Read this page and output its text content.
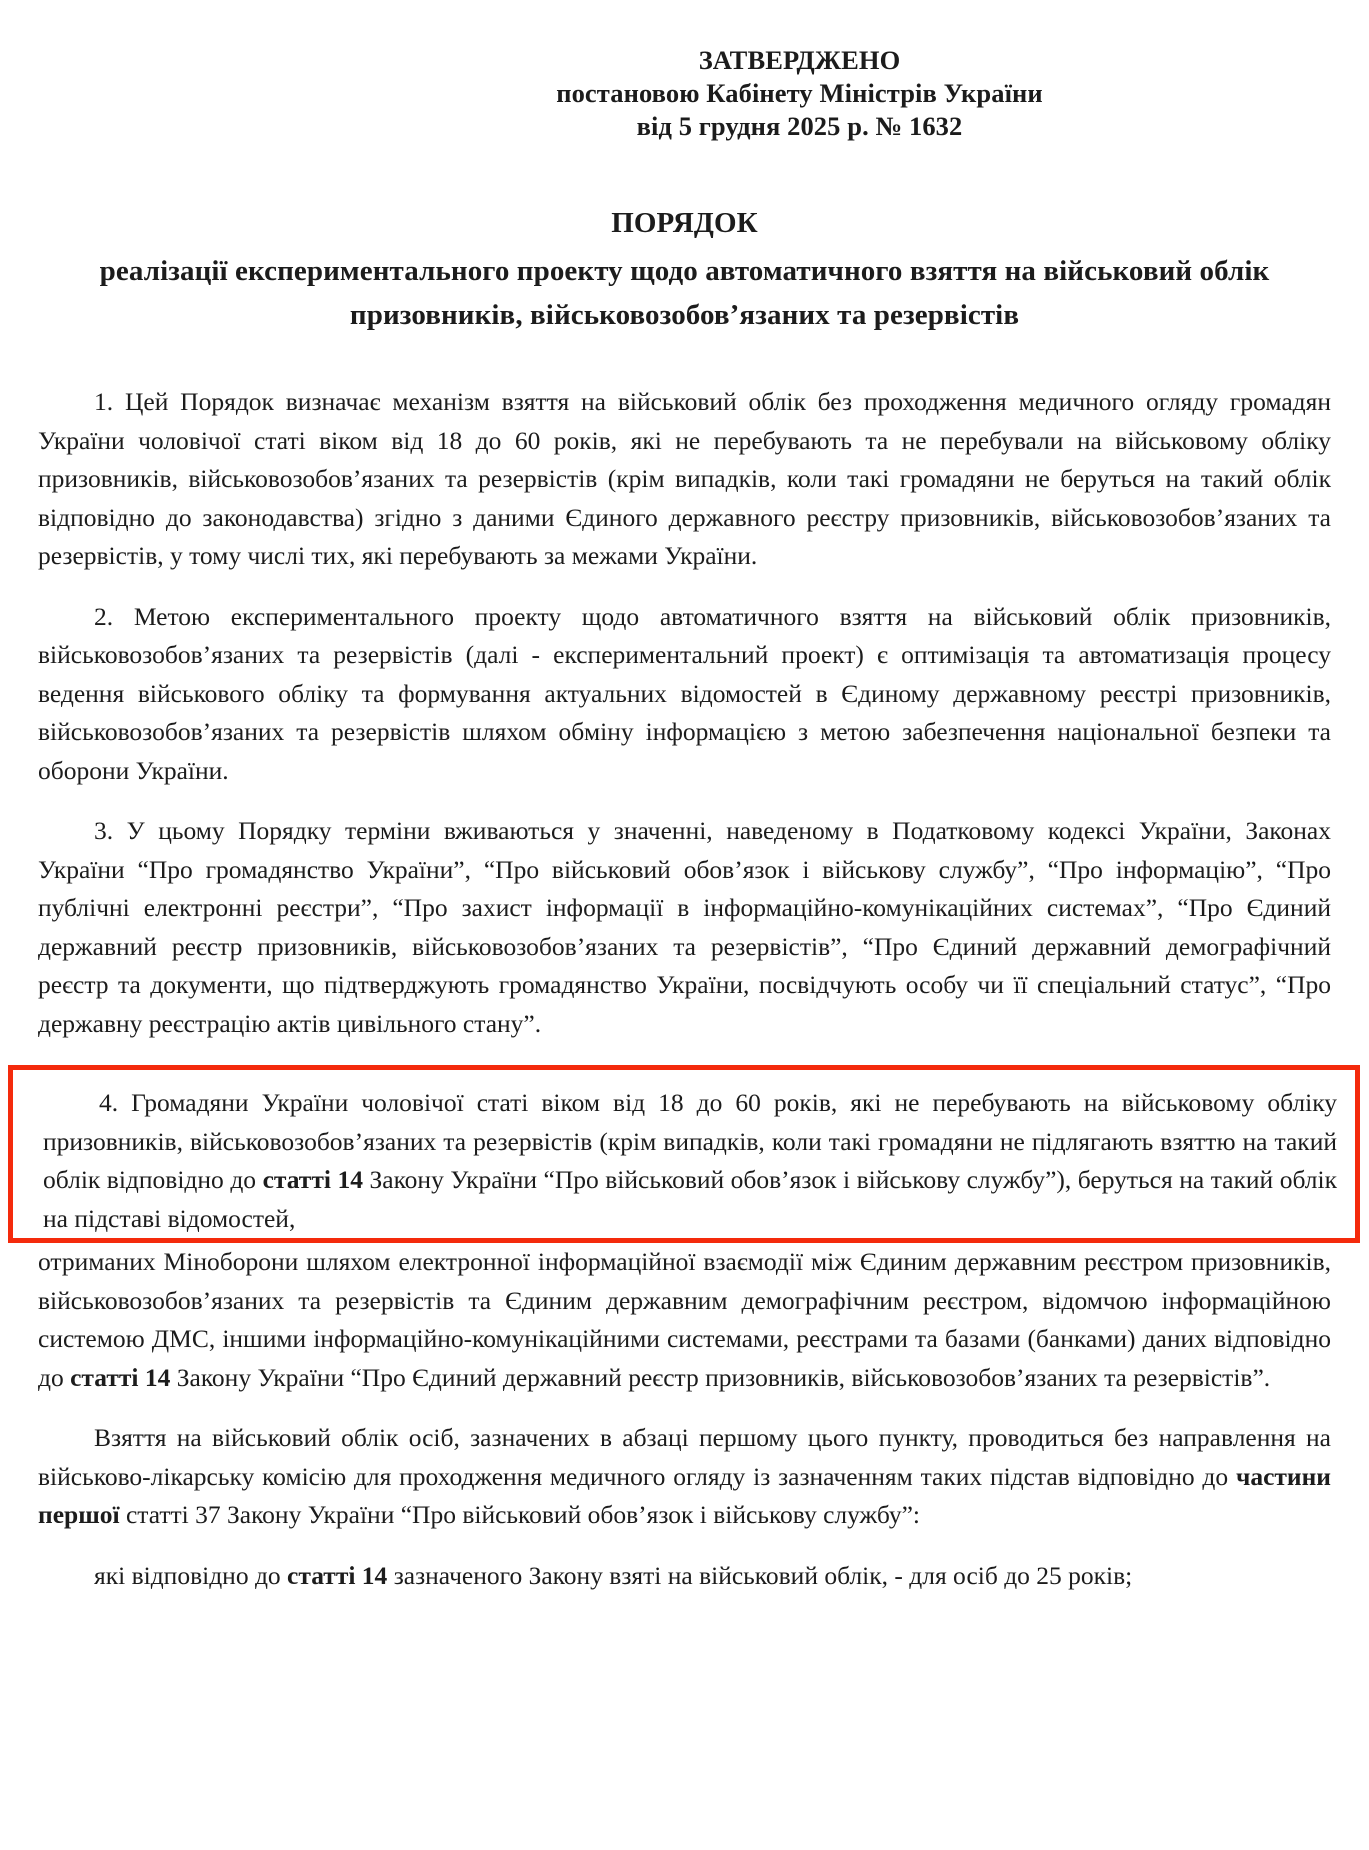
ЗАТВЕРДЖЕНО
постановою Кабінету Міністрів України
від 5 грудня 2025 р. № 1632
ПОРЯДОК
реалізації експериментального проекту щодо автоматичного взяття на військовий облік призовників, військовозобов’язаних та резервістів

1. Цей Порядок визначає механізм взяття на військовий облік без проходження медичного огляду громадян України чоловічої статі віком від 18 до 60 років, які не перебувають та не перебували на військовому обліку призовників, військовозобов’язаних та резервістів (крім випадків, коли такі громадяни не беруться на такий облік відповідно до законодавства) згідно з даними Єдиного державного реєстру призовників, військовозобов’язаних та резервістів, у тому числі тих, які перебувають за межами України.

2. Метою експериментального проекту щодо автоматичного взяття на військовий облік призовників, військовозобов’язаних та резервістів (далі - експериментальний проект) є оптимізація та автоматизація процесу ведення військового обліку та формування актуальних відомостей в Єдиному державному реєстрі призовників, військовозобов’язаних та резервістів шляхом обміну інформацією з метою забезпечення національної безпеки та оборони України.

3. У цьому Порядку терміни вживаються у значенні, наведеному в Податковому кодексі України, Законах України “Про громадянство України”, “Про військовий обов’язок і військову службу”, “Про інформацію”, “Про публічні електронні реєстри”, “Про захист інформації в інформаційно-комунікаційних системах”, “Про Єдиний державний реєстр призовників, військовозобов’язаних та резервістів”, “Про Єдиний державний демографічний реєстр та документи, що підтверджують громадянство України, посвідчують особу чи її спеціальний статус”, “Про державну реєстрацію актів цивільного стану”.

4. Громадяни України чоловічої статі віком від 18 до 60 років, які не перебувають на військовому обліку призовників, військовозобов’язаних та резервістів (крім випадків, коли такі громадяни не підлягають взяттю на такий облік відповідно до статті 14 Закону України “Про військовий обов’язок і військову службу”), беруться на такий облік на підставі відомостей,

отриманих Міноборони шляхом електронної інформаційної взаємодії між Єдиним державним реєстром призовників, військовозобов’язаних та резервістів та Єдиним державним демографічним реєстром, відомчою інформаційною системою ДМС, іншими інформаційно-комунікаційними системами, реєстрами та базами (банками) даних відповідно до статті 14 Закону України “Про Єдиний державний реєстр призовників, військовозобов’язаних та резервістів”.

Взяття на військовий облік осіб, зазначених в абзаці першому цього пункту, проводиться без направлення на військово-лікарську комісію для проходження медичного огляду із зазначенням таких підстав відповідно до частини першої статті 37 Закону України “Про військовий обов’язок і військову службу”:

які відповідно до статті 14 зазначеного Закону взяті на військовий облік, - для осіб до 25 років;
